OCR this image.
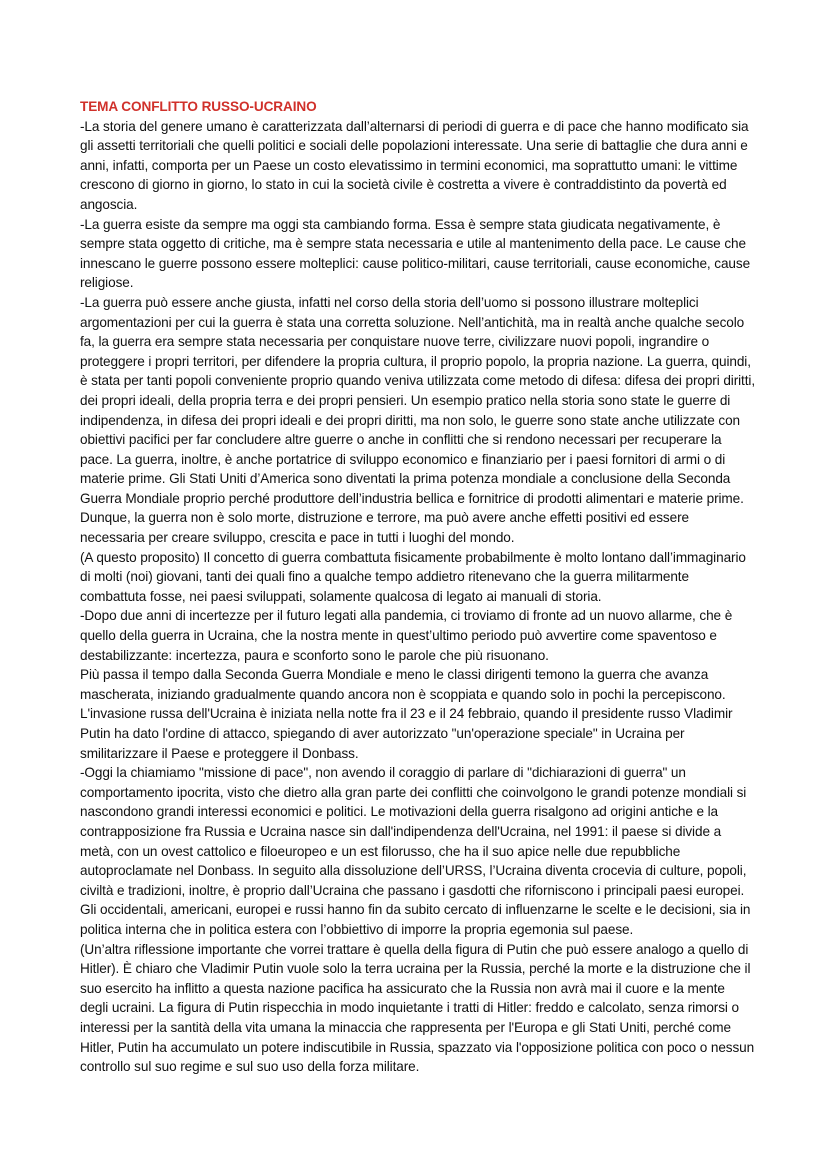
TEMA CONFLITTO RUSSO-UCRAINO

-La storia del genere umano è caratterizzata dall’alternarsi di periodi di guerra e di pace che hanno modificato sia gli assetti territoriali che quelli politici e sociali delle popolazioni interessate. Una serie di battaglie che dura anni e anni, infatti, comporta per un Paese un costo elevatissimo in termini economici, ma soprattutto umani: le vittime crescono di giorno in giorno, lo stato in cui la società civile è costretta a vivere è contraddistinto da povertà ed angoscia.

-La guerra esiste da sempre ma oggi sta cambiando forma. Essa è sempre stata giudicata negativamente, è sempre stata oggetto di critiche, ma è sempre stata necessaria e utile al mantenimento della pace. Le cause che innescano le guerre possono essere molteplici: cause politico-militari, cause territoriali, cause economiche, cause religiose.

-La guerra può essere anche giusta, infatti nel corso della storia dell’uomo si possono illustrare molteplici argomentazioni per cui la guerra è stata una corretta soluzione. Nell’antichità, ma in realtà anche qualche secolo fa, la guerra era sempre stata necessaria per conquistare nuove terre, civilizzare nuovi popoli, ingrandire o proteggere i propri territori, per difendere la propria cultura, il proprio popolo, la propria nazione. La guerra, quindi, è stata per tanti popoli conveniente proprio quando veniva utilizzata come metodo di difesa: difesa dei propri diritti, dei propri ideali, della propria terra e dei propri pensieri. Un esempio pratico nella storia sono state le guerre di indipendenza, in difesa dei propri ideali e dei propri diritti, ma non solo, le guerre sono state anche utilizzate con obiettivi pacifici per far concludere altre guerre o anche in conflitti che si rendono necessari per recuperare la pace. La guerra, inoltre, è anche portatrice di sviluppo economico e finanziario per i paesi fornitori di armi o di materie prime. Gli Stati Uniti d’America sono diventati la prima potenza mondiale a conclusione della Seconda Guerra Mondiale proprio perché produttore dell’industria bellica e fornitrice di prodotti alimentari e materie prime. Dunque, la guerra non è solo morte, distruzione e terrore, ma può avere anche effetti positivi ed essere necessaria per creare sviluppo, crescita e pace in tutti i luoghi del mondo.

(A questo proposito) Il concetto di guerra combattuta fisicamente probabilmente è molto lontano dall’immaginario di molti (noi) giovani, tanti dei quali fino a qualche tempo addietro ritenevano che la guerra militarmente combattuta fosse, nei paesi sviluppati, solamente qualcosa di legato ai manuali di storia.

-Dopo due anni di incertezze per il futuro legati alla pandemia, ci troviamo di fronte ad un nuovo allarme, che è quello della guerra in Ucraina, che la nostra mente in quest’ultimo periodo può avvertire come spaventoso e destabilizzante: incertezza, paura e sconforto sono le parole che più risuonano.

Più passa il tempo dalla Seconda Guerra Mondiale e meno le classi dirigenti temono la guerra che avanza mascherata, iniziando gradualmente quando ancora non è scoppiata e quando solo in pochi la percepiscono. L'invasione russa dell'Ucraina è iniziata nella notte fra il 23 e il 24 febbraio, quando il presidente russo Vladimir Putin ha dato l'ordine di attacco, spiegando di aver autorizzato "un'operazione speciale" in Ucraina per smilitarizzare il Paese e proteggere il Donbass.

-Oggi la chiamiamo "missione di pace", non avendo il coraggio di parlare di "dichiarazioni di guerra" un comportamento ipocrita, visto che dietro alla gran parte dei conflitti che coinvolgono le grandi potenze mondiali si nascondono grandi interessi economici e politici. Le motivazioni della guerra risalgono ad origini antiche e la contrapposizione fra Russia e Ucraina nasce sin dall'indipendenza dell'Ucraina, nel 1991: il paese si divide a metà, con un ovest cattolico e filoeuropeo e un est filorusso, che ha il suo apice nelle due repubbliche autoproclamate nel Donbass. In seguito alla dissoluzione dell’URSS, l’Ucraina diventa crocevia di culture, popoli, civiltà e tradizioni, inoltre, è proprio dall’Ucraina che passano i gasdotti che riforniscono i principali paesi europei. Gli occidentali, americani, europei e russi hanno fin da subito cercato di influenzarne le scelte e le decisioni, sia in politica interna che in politica estera con l’obbiettivo di imporre la propria egemonia sul paese.

(Un’altra riflessione importante che vorrei trattare è quella della figura di Putin che può essere analogo a quello di Hitler). È chiaro che Vladimir Putin vuole solo la terra ucraina per la Russia, perché la morte e la distruzione che il suo esercito ha inflitto a questa nazione pacifica ha assicurato che la Russia non avrà mai il cuore e la mente degli ucraini. La figura di Putin rispecchia in modo inquietante i tratti di Hitler: freddo e calcolato, senza rimorsi o interessi per la santità della vita umana la minaccia che rappresenta per l'Europa e gli Stati Uniti, perché come Hitler, Putin ha accumulato un potere indiscutibile in Russia, spazzato via l'opposizione politica con poco o nessun controllo sul suo regime e sul suo uso della forza militare.
